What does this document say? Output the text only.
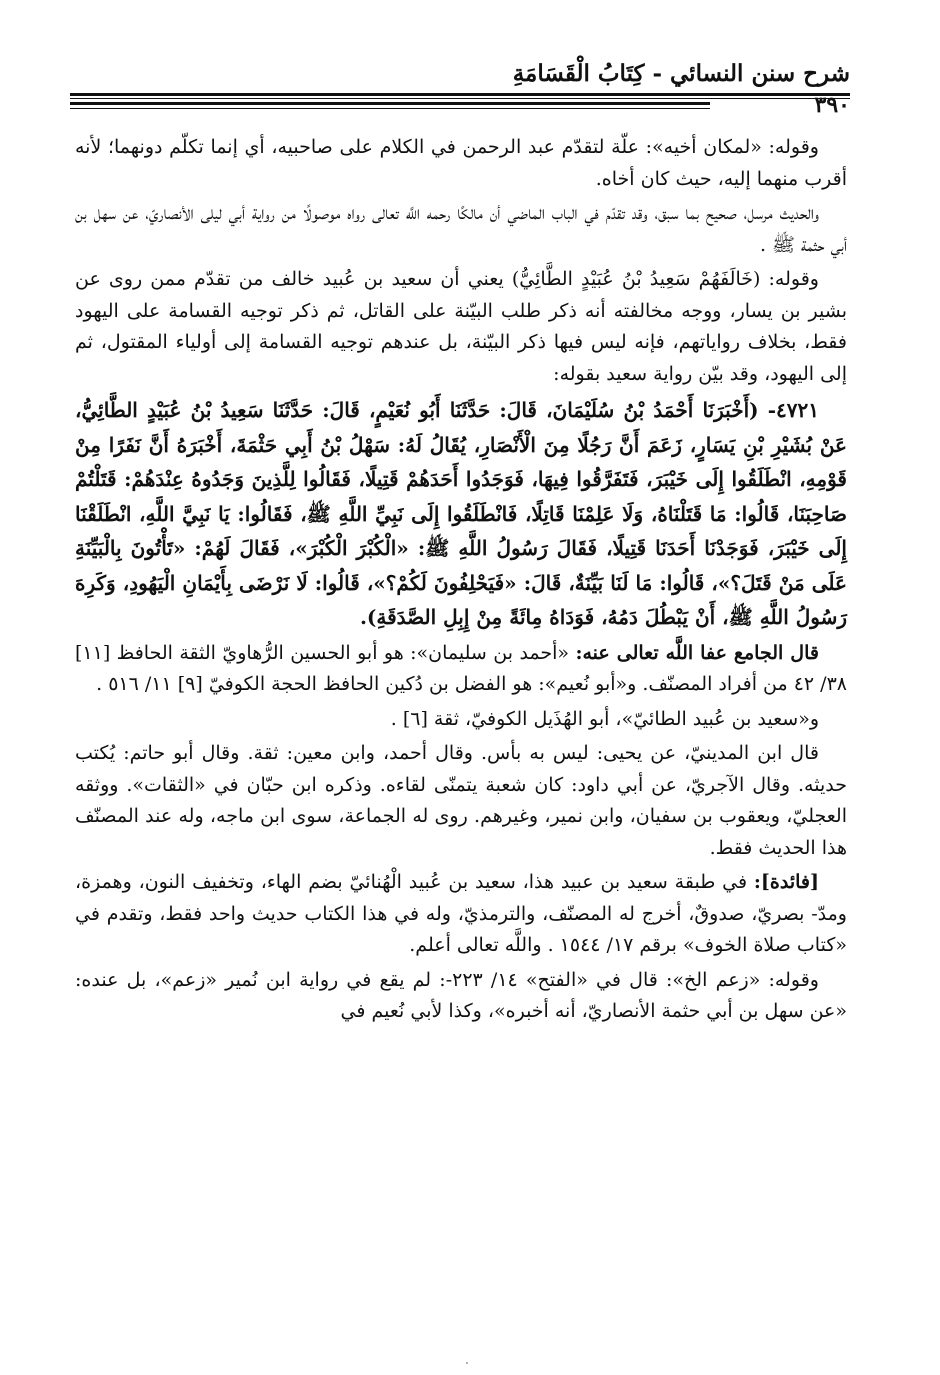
شرح سنن النسائي - كِتَابُ الْقَسَامَةِ
٣٩٠

وقوله: «لمكان أخيه»: علّة لتقدّم عبد الرحمن في الكلام على صاحبيه، أي إنما تكلّم دونهما؛ لأنه أقرب منهما إليه، حيث كان أخاه.

والحديث مرسل، صحيح بما سبق، وقد تقدّم في الباب الماضي أن مالكًا رحمه اللَّه تعالى رواه موصولًا من رواية أبي ليلى الأنصاريّ، عن سهل بن أبي حثمة ﷺ .

وقوله: (خَالَفَهُمْ سَعِيدُ بْنُ عُبَيْدٍ الطَّائِيُّ) يعني أن سعيد بن عُبيد خالف من تقدّم ممن روى عن بشير بن يسار، ووجه مخالفته أنه ذكر طلب البيّنة على القاتل، ثم ذكر توجيه القسامة على اليهود فقط، بخلاف رواياتهم، فإنه ليس فيها ذكر البيّنة، بل عندهم توجيه القسامة إلى أولياء المقتول، ثم إلى اليهود، وقد بيّن رواية سعيد بقوله:

٤٧٢١- (أَخْبَرَنَا أَحْمَدُ بْنُ سُلَيْمَانَ، قَالَ: حَدَّثَنَا أَبُو نُعَيْمٍ، قَالَ: حَدَّثَنَا سَعِيدُ بْنُ عُبَيْدٍ الطَّائِيُّ، عَنْ بُشَيْرِ بْنِ يَسَارٍ، زَعَمَ أَنَّ رَجُلًا مِنَ الْأَنْصَارِ، يُقَالُ لَهُ: سَهْلُ بْنُ أَبِي حَثْمَةَ، أَخْبَرَهُ أَنَّ نَفَرًا مِنْ قَوْمِهِ، انْطَلَقُوا إِلَى خَيْبَرَ، فَتَفَرَّقُوا فِيهَا، فَوَجَدُوا أَحَدَهُمْ قَتِيلًا، فَقَالُوا لِلَّذِينَ وَجَدُوهُ عِنْدَهُمْ: قَتَلْتُمْ صَاحِبَنَا، قَالُوا: مَا قَتَلْنَاهُ، وَلَا عَلِمْنَا قَاتِلًا، فَانْطَلَقُوا إِلَى نَبِيِّ اللَّهِ ﷺ، فَقَالُوا: يَا نَبِيَّ اللَّهِ، انْطَلَقْنَا إِلَى خَيْبَرَ، فَوَجَدْنَا أَحَدَنَا قَتِيلًا، فَقَالَ رَسُولُ اللَّهِ ﷺ: «الْكُبْرَ الْكُبْرَ»، فَقَالَ لَهُمْ: «تَأْتُونَ بِالْبَيِّنَةِ عَلَى مَنْ قَتَلَ؟»، قَالُوا: مَا لَنَا بَيِّنَةٌ، قَالَ: «فَيَحْلِفُونَ لَكُمْ؟»، قَالُوا: لَا نَرْضَى بِأَيْمَانِ الْيَهُودِ، وَكَرِهَ رَسُولُ اللَّهِ ﷺ، أَنْ يَبْطُلَ دَمُهُ، فَوَدَاهُ مِائَةً مِنْ إِبِلِ الصَّدَقَةِ).

قال الجامع عفا اللَّه تعالى عنه: «أحمد بن سليمان»: هو أبو الحسين الرُّهاويّ الثقة الحافظ [١١] ٣٨/ ٤٢ من أفراد المصنّف. و«أبو نُعيم»: هو الفضل بن دُكين الحافظ الحجة الكوفيّ [٩] ١١/ ٥١٦ .

و«سعيد بن عُبيد الطائيّ»، أبو الهُذَيل الكوفيّ، ثقة [٦] .

قال ابن المدينيّ، عن يحيى: ليس به بأس. وقال أحمد، وابن معين: ثقة. وقال أبو حاتم: يُكتب حديثه. وقال الآجريّ، عن أبي داود: كان شعبة يتمنّى لقاءه. وذكره ابن حبّان في «الثقات». ووثقه العجليّ، ويعقوب بن سفيان، وابن نمير، وغيرهم. روى له الجماعة، سوى ابن ماجه، وله عند المصنّف هذا الحديث فقط.

[فائدة]: في طبقة سعيد بن عبيد هذا، سعيد بن عُبيد الْهُنائيّ بضم الهاء، وتخفيف النون، وهمزة، ومدّ- بصريّ، صدوقٌ، أخرج له المصنّف، والترمذيّ، وله في هذا الكتاب حديث واحد فقط، وتقدم في «كتاب صلاة الخوف» برقم ١٧/ ١٥٤٤ . واللَّه تعالى أعلم.

وقوله: «زعم الخ»: قال في «الفتح» ١٤/ ٢٢٣-: لم يقع في رواية ابن نُمير «زعم»، بل عنده: «عن سهل بن أبي حثمة الأنصاريّ، أنه أخبره»، وكذا لأبي نُعيم في
